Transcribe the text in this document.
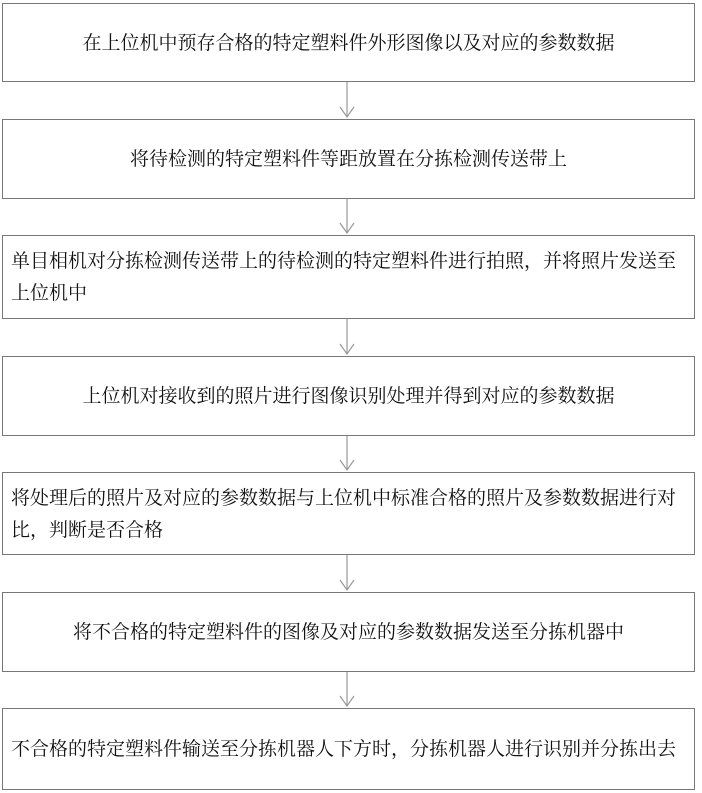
在上位机中预存合格的特定塑料件外形图像以及对应的参数数据
将待检测的特定塑料件等距放置在分拣检测传送带上
单目相机对分拣检测传送带上的待检测的特定塑料件进行拍照，并将照片发送至上位机中
上位机对接收到的照片进行图像识别处理并得到对应的参数数据
将处理后的照片及对应的参数数据与上位机中标准合格的照片及参数数据进行对比，判断是否合格
将不合格的特定塑料件的图像及对应的参数数据发送至分拣机器中
不合格的特定塑料件输送至分拣机器人下方时，分拣机器人进行识别并分拣出去
